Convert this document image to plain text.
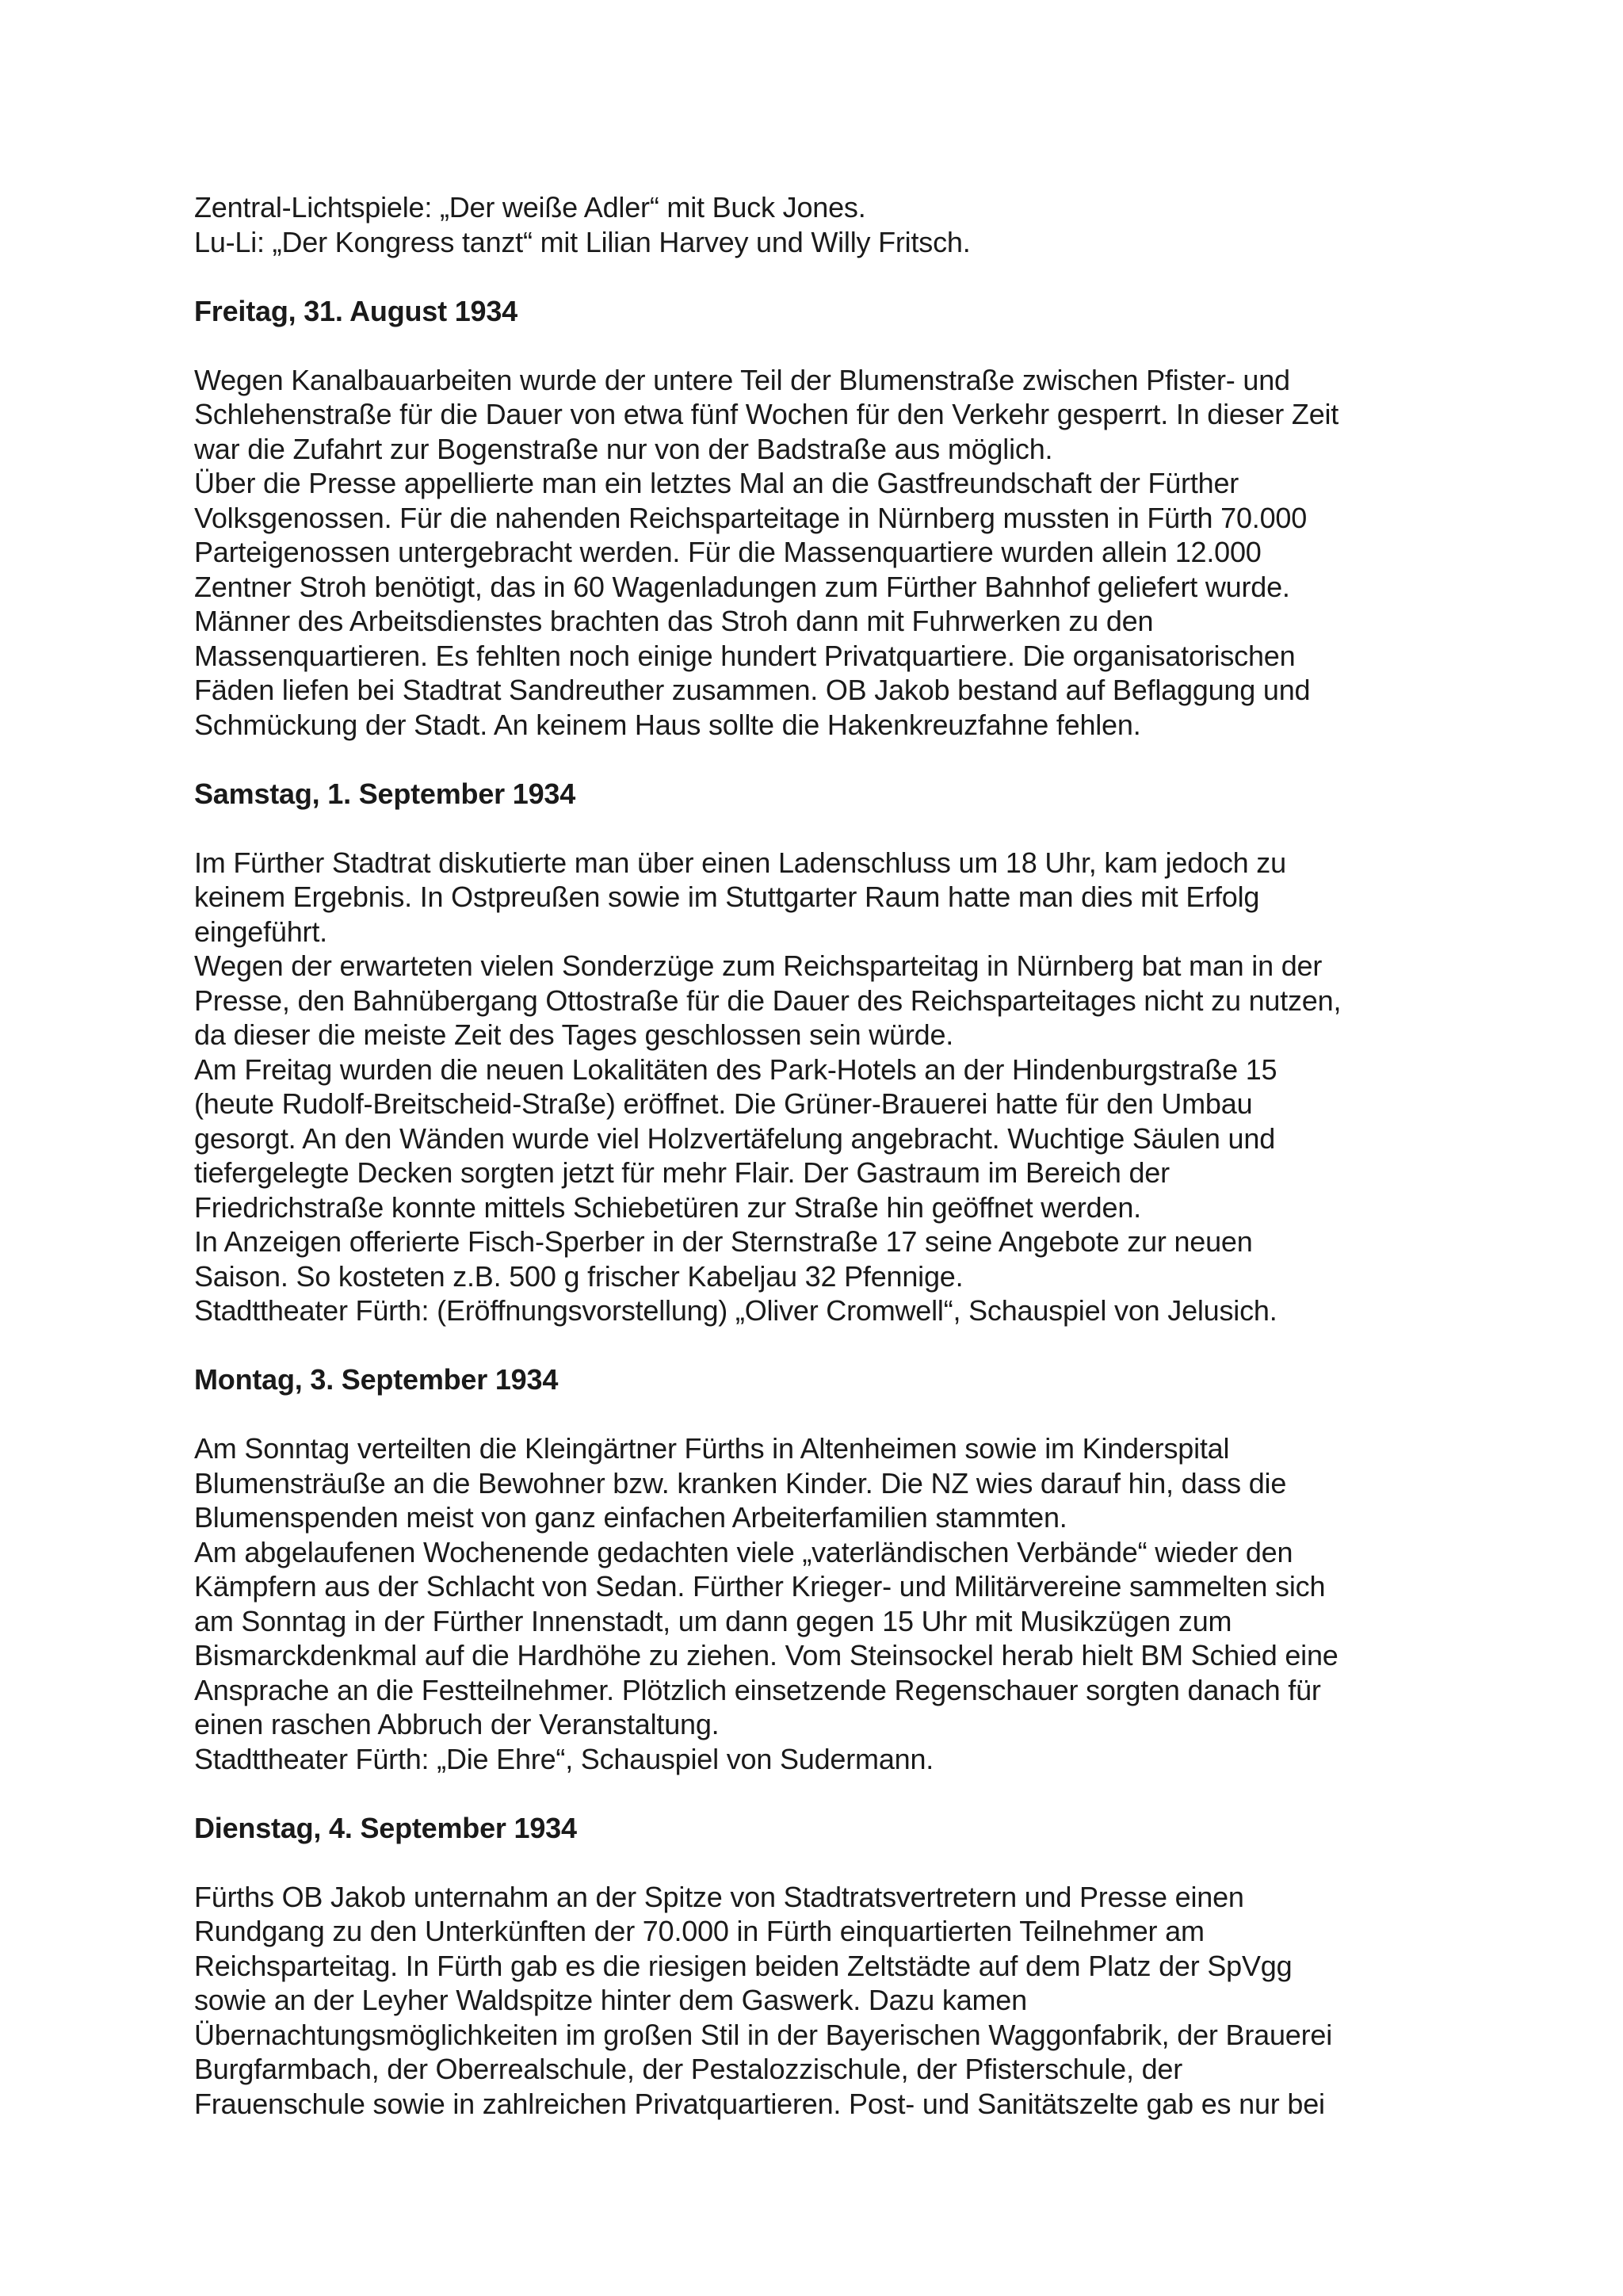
Zentral-Lichtspiele: „Der weiße Adler“ mit Buck Jones.
Lu-Li: „Der Kongress tanzt“ mit Lilian Harvey und Willy Fritsch.
Freitag, 31. August 1934
Wegen Kanalbauarbeiten wurde der untere Teil der Blumenstraße zwischen Pfister- und
Schlehenstraße für die Dauer von etwa fünf Wochen für den Verkehr gesperrt. In dieser Zeit
war die Zufahrt zur Bogenstraße nur von der Badstraße aus möglich.
Über die Presse appellierte man ein letztes Mal an die Gastfreundschaft der Fürther
Volksgenossen. Für die nahenden Reichsparteitage in Nürnberg mussten in Fürth 70.000
Parteigenossen untergebracht werden. Für die Massenquartiere wurden allein 12.000
Zentner Stroh benötigt, das in 60 Wagenladungen zum Fürther Bahnhof geliefert wurde.
Männer des Arbeitsdienstes brachten das Stroh dann mit Fuhrwerken zu den
Massenquartieren. Es fehlten noch einige hundert Privatquartiere. Die organisatorischen
Fäden liefen bei Stadtrat Sandreuther zusammen. OB Jakob bestand auf Beflaggung und
Schmückung der Stadt. An keinem Haus sollte die Hakenkreuzfahne fehlen.
Samstag, 1. September 1934
Im Fürther Stadtrat diskutierte man über einen Ladenschluss um 18 Uhr, kam jedoch zu
keinem Ergebnis. In Ostpreußen sowie im Stuttgarter Raum hatte man dies mit Erfolg
eingeführt.
Wegen der erwarteten vielen Sonderzüge zum Reichsparteitag in Nürnberg bat man in der
Presse, den Bahnübergang Ottostraße für die Dauer des Reichsparteitages nicht zu nutzen,
da dieser die meiste Zeit des Tages geschlossen sein würde.
Am Freitag wurden die neuen Lokalitäten des Park-Hotels an der Hindenburgstraße 15
(heute Rudolf-Breitscheid-Straße) eröffnet. Die Grüner-Brauerei hatte für den Umbau
gesorgt. An den Wänden wurde viel Holzvertäfelung angebracht. Wuchtige Säulen und
tiefergelegte Decken sorgten jetzt für mehr Flair. Der Gastraum im Bereich der
Friedrichstraße konnte mittels Schiebetüren zur Straße hin geöffnet werden.
In Anzeigen offerierte Fisch-Sperber in der Sternstraße 17 seine Angebote zur neuen
Saison. So kosteten z.B. 500 g frischer Kabeljau 32 Pfennige.
Stadttheater Fürth: (Eröffnungsvorstellung) „Oliver Cromwell“, Schauspiel von Jelusich.
Montag, 3. September 1934
Am Sonntag verteilten die Kleingärtner Fürths in Altenheimen sowie im Kinderspital
Blumensträuße an die Bewohner bzw. kranken Kinder. Die NZ wies darauf hin, dass die
Blumenspenden meist von ganz einfachen Arbeiterfamilien stammten.
Am abgelaufenen Wochenende gedachten viele „vaterländischen Verbände“ wieder den
Kämpfern aus der Schlacht von Sedan. Fürther Krieger- und Militärvereine sammelten sich
am Sonntag in der Fürther Innenstadt, um dann gegen 15 Uhr mit Musikzügen zum
Bismarckdenkmal auf die Hardhöhe zu ziehen. Vom Steinsockel herab hielt BM Schied eine
Ansprache an die Festteilnehmer. Plötzlich einsetzende Regenschauer sorgten danach für
einen raschen Abbruch der Veranstaltung.
Stadttheater Fürth: „Die Ehre“, Schauspiel von Sudermann.
Dienstag, 4. September 1934
Fürths OB Jakob unternahm an der Spitze von Stadtratsvertretern und Presse einen
Rundgang zu den Unterkünften der 70.000 in Fürth einquartierten Teilnehmer am
Reichsparteitag. In Fürth gab es die riesigen beiden Zeltstädte auf dem Platz der SpVgg
sowie an der Leyher Waldspitze hinter dem Gaswerk. Dazu kamen
Übernachtungsmöglichkeiten im großen Stil in der Bayerischen Waggonfabrik, der Brauerei
Burgfarmbach, der Oberrealschule, der Pestalozzischule, der Pfisterschule, der
Frauenschule sowie in zahlreichen Privatquartieren. Post- und Sanitätszelte gab es nur bei
